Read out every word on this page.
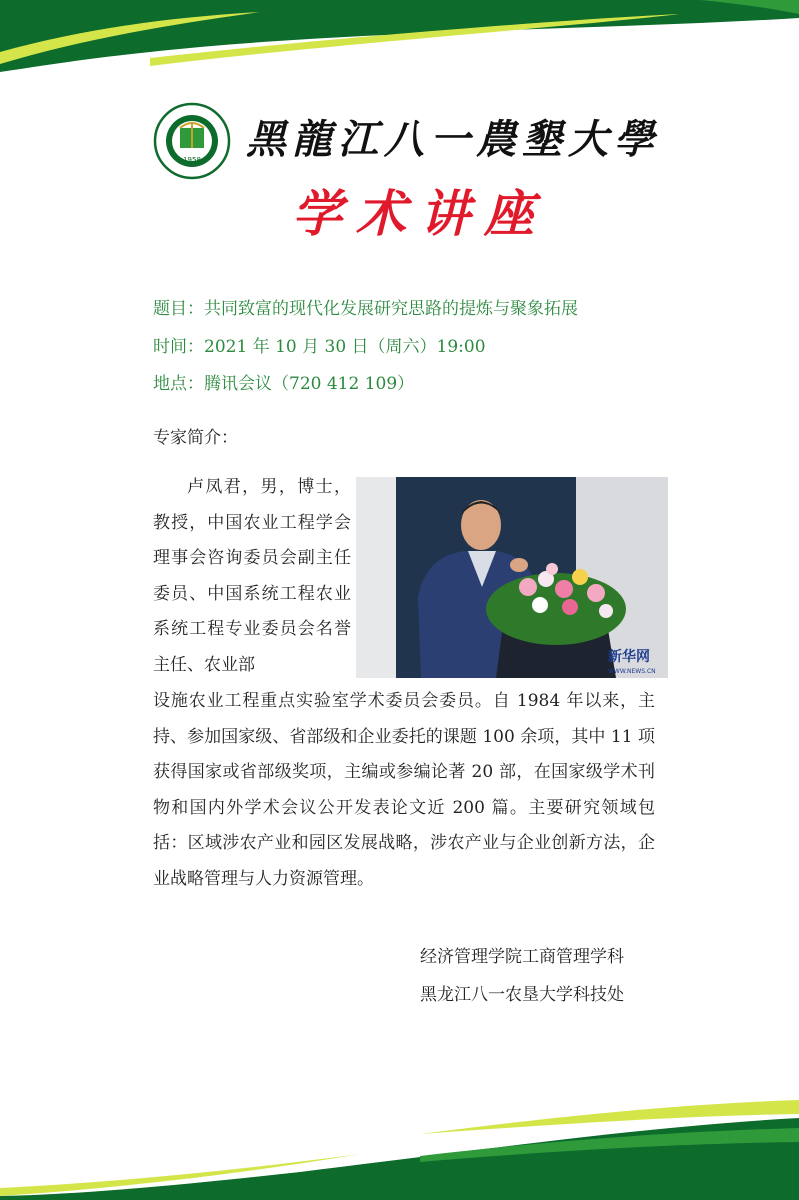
1958 黑龍江八一農墾大學
学术讲座
题目：共同致富的现代化发展研究思路的提炼与聚象拓展
时间：2021 年 10 月 30 日（周六）19:00
地点：腾讯会议（720 412 109）
专家简介：
卢凤君，男，博士，教授，中国农业工程学会理事会咨询委员会副主任委员、中国系统工程农业系统工程专业委员会名誉主任、农业部	新华网
WWW.NEWS.CN
设施农业工程重点实验室学术委员会委员。自 1984 年以来，主持、参加国家级、省部级和企业委托的课题 100 余项，其中 11 项获得国家或省部级奖项，主编或参编论著 20 部，在国家级学术刊物和国内外学术会议公开发表论文近 200 篇。主要研究领域包括：区域涉农产业和园区发展战略，涉农产业与企业创新方法，企业战略管理与人力资源管理。
经济管理学院工商管理学科
黑龙江八一农垦大学科技处
